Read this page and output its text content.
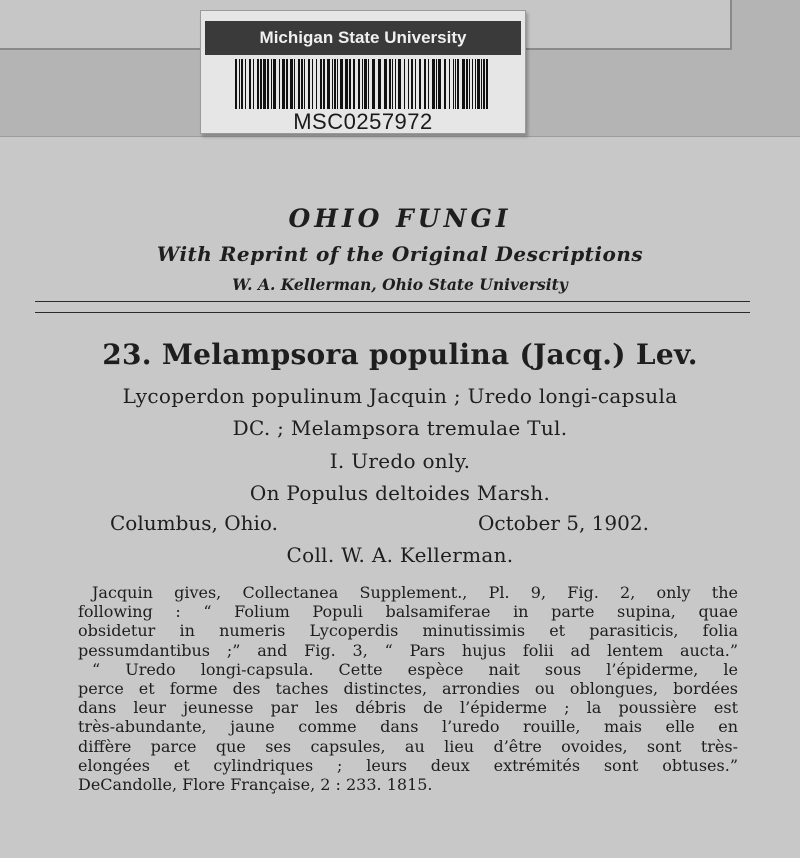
Michigan State University
MSC0257972
OHIO FUNGI
With Reprint of the Original Descriptions
W. A. Kellerman, Ohio State University
23. Melampsora populina (Jacq.) Lev.
Lycoperdon populinum Jacquin ; Uredo longi-capsula
DC. ; Melampsora tremulae Tul.
I. Uredo only.
On Populus deltoides Marsh.
Columbus, Ohio.	October 5, 1902.
Coll. W. A. Kellerman.
Jacquin gives, Collectanea Supplement., Pl. 9, Fig. 2, only the
following : “ Folium Populi balsamiferae in parte supina, quae
obsidetur in numeris Lycoperdis minutissimis et parasiticis, folia
pessumdantibus ;” and Fig. 3, “ Pars hujus folii ad lentem aucta.”
“ Uredo longi-capsula. Cette espèce nait sous l’épiderme, le
perce et forme des taches distinctes, arrondies ou oblongues, bordées
dans leur jeunesse par les débris de l’épiderme ; la poussière est
très-abundante, jaune comme dans l’uredo rouille, mais elle en
diffère parce que ses capsules, au lieu d’être ovoides, sont très-
elongées et cylindriques ; leurs deux extrémités sont obtuses.”
DeCandolle, Flore Française, 2 : 233. 1815.
